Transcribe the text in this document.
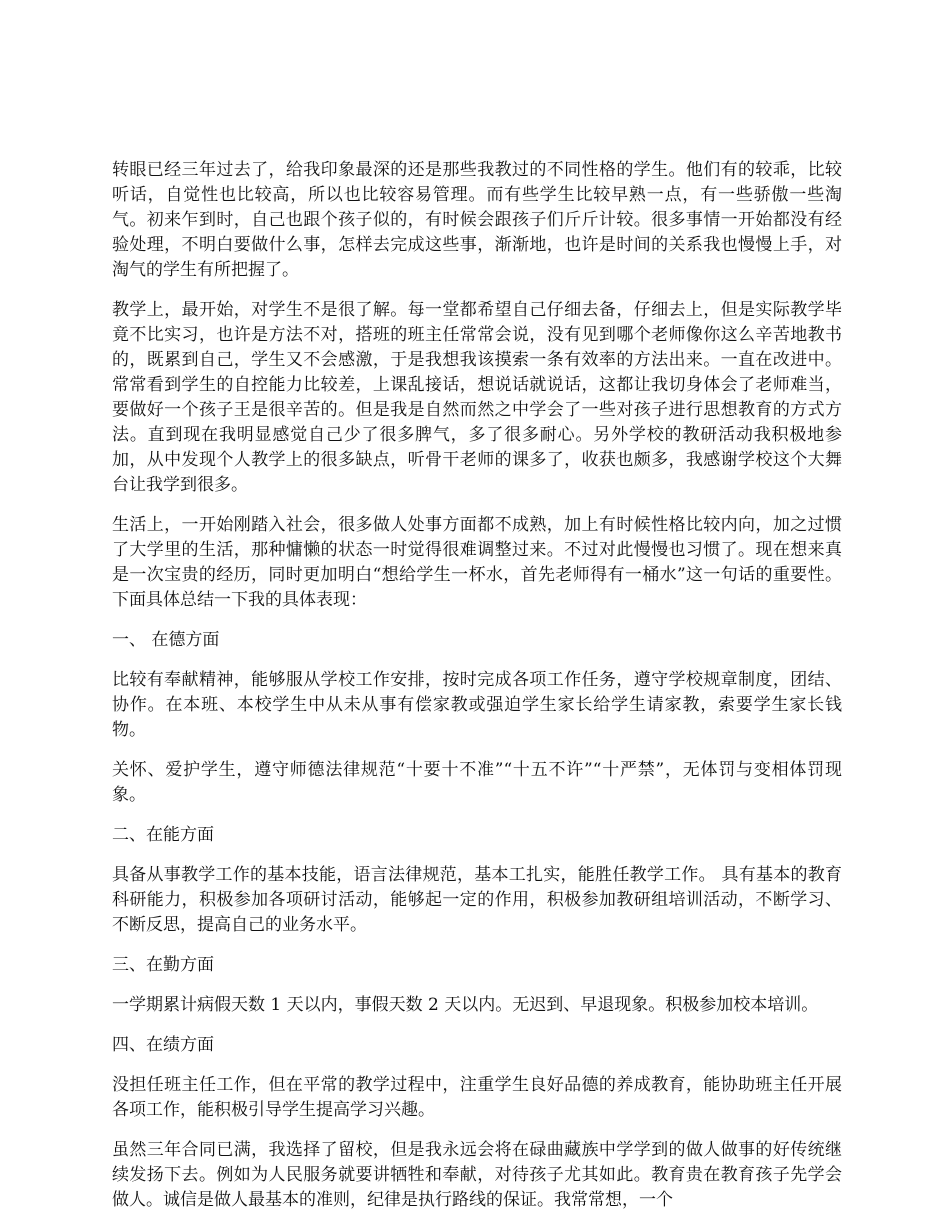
转眼已经三年过去了，给我印象最深的还是那些我教过的不同性格的学生。他们有的较乖，比较听话，自觉性也比较高，所以也比较容易管理。而有些学生比较早熟一点，有一些骄傲一些淘气。初来乍到时，自己也跟个孩子似的，有时候会跟孩子们斤斤计较。很多事情一开始都没有经验处理，不明白要做什么事，怎样去完成这些事，渐渐地，也许是时间的关系我也慢慢上手，对淘气的学生有所把握了。

教学上，最开始，对学生不是很了解。每一堂都希望自己仔细去备，仔细去上，但是实际教学毕竟不比实习，也许是方法不对，搭班的班主任常常会说，没有见到哪个老师像你这么辛苦地教书的，既累到自己，学生又不会感激，于是我想我该摸索一条有效率的方法出来。一直在改进中。常常看到学生的自控能力比较差，上课乱接话，想说话就说话，这都让我切身体会了老师难当，要做好一个孩子王是很辛苦的。但是我是自然而然之中学会了一些对孩子进行思想教育的方式方法。直到现在我明显感觉自己少了很多脾气，多了很多耐心。另外学校的教研活动我积极地参加，从中发现个人教学上的很多缺点，听骨干老师的课多了，收获也颇多，我感谢学校这个大舞台让我学到很多。

生活上，一开始刚踏入社会，很多做人处事方面都不成熟，加上有时候性格比较内向，加之过惯了大学里的生活，那种慵懒的状态一时觉得很难调整过来。不过对此慢慢也习惯了。现在想来真是一次宝贵的经历，同时更加明白“想给学生一杯水，首先老师得有一桶水”这一句话的重要性。下面具体总结一下我的具体表现：

一、 在德方面

比较有奉献精神，能够服从学校工作安排，按时完成各项工作任务，遵守学校规章制度，团结、协作。在本班、本校学生中从未从事有偿家教或强迫学生家长给学生请家教，索要学生家长钱物。

关怀、爱护学生，遵守师德法律规范“十要十不准”“十五不许”“十严禁”，无体罚与变相体罚现象。

二、在能方面

具备从事教学工作的基本技能，语言法律规范，基本工扎实，能胜任教学工作。 具有基本的教育科研能力，积极参加各项研讨活动，能够起一定的作用，积极参加教研组培训活动，不断学习、不断反思，提高自己的业务水平。

三、在勤方面

一学期累计病假天数 1 天以内，事假天数 2 天以内。无迟到、早退现象。积极参加校本培训。

四、在绩方面

没担任班主任工作，但在平常的教学过程中，注重学生良好品德的养成教育，能协助班主任开展各项工作，能积极引导学生提高学习兴趣。

虽然三年合同已满，我选择了留校，但是我永远会将在碌曲藏族中学学到的做人做事的好传统继续发扬下去。例如为人民服务就要讲牺牲和奉献，对待孩子尤其如此。教育贵在教育孩子先学会做人。诚信是做人最基本的准则，纪律是执行路线的保证。我常常想，一个
